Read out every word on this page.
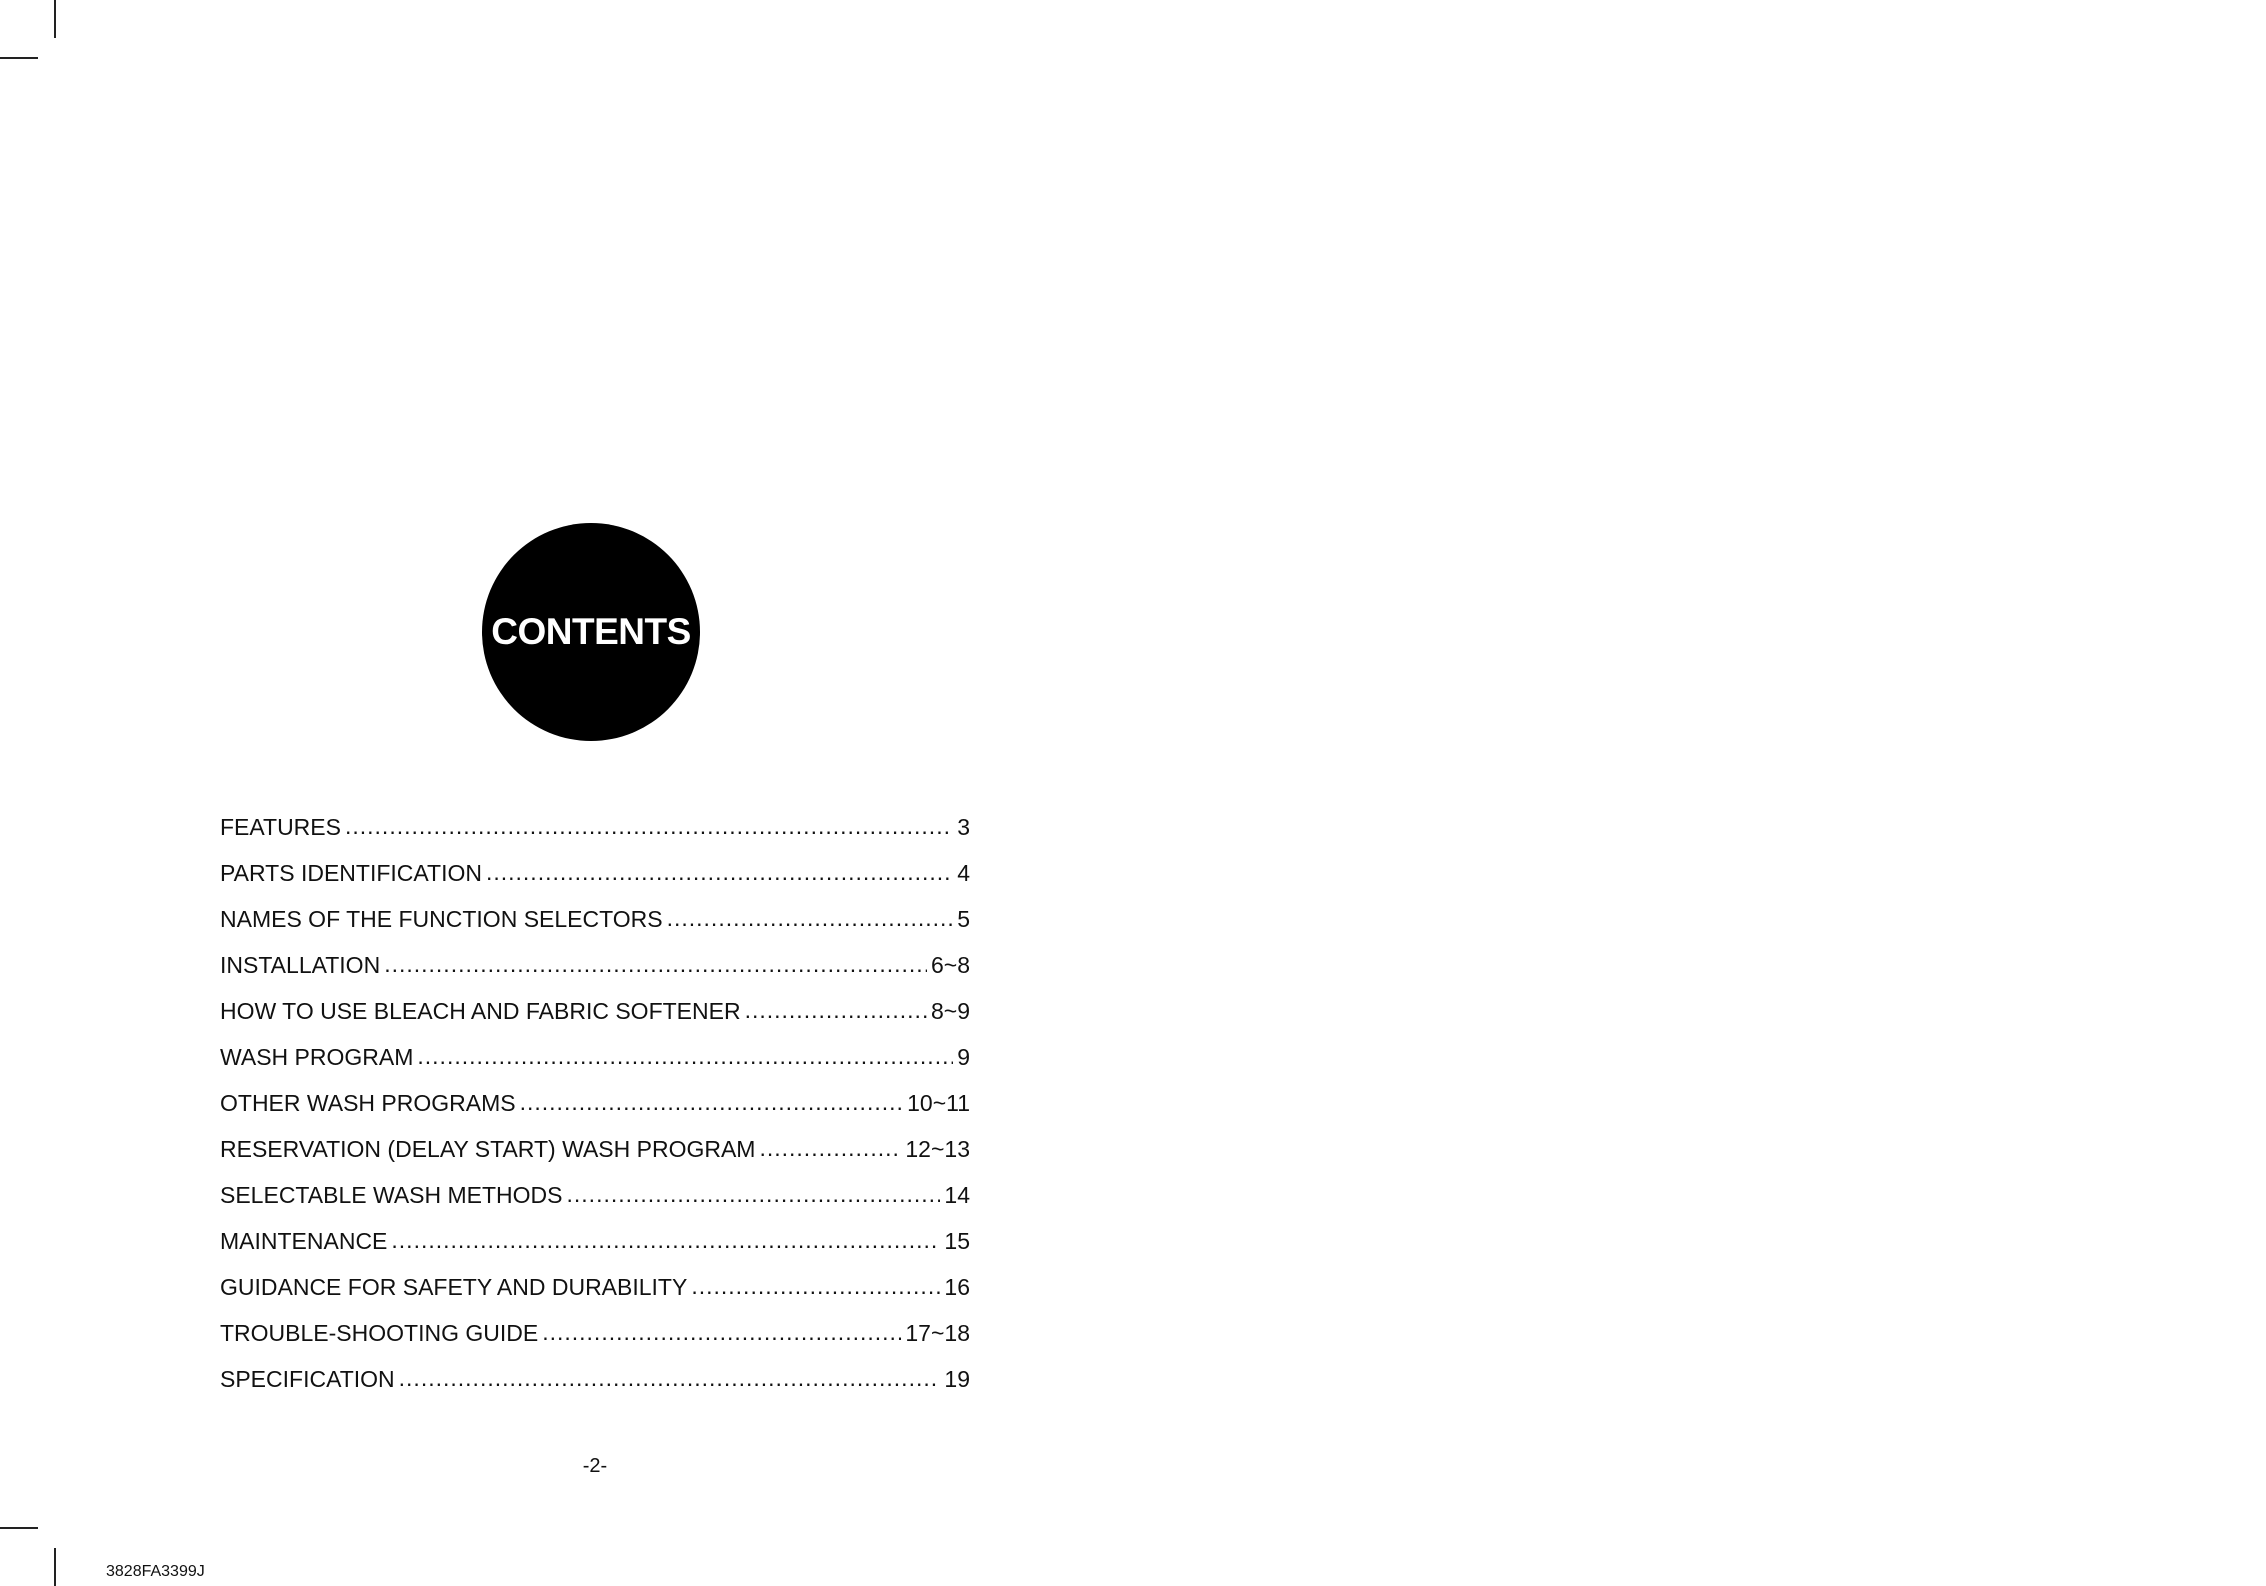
CONTENTS
FEATURES .....	3
PARTS IDENTIFICATION .....	4
NAMES OF THE FUNCTION SELECTORS .....	5
INSTALLATION .....	6~8
HOW TO USE BLEACH AND FABRIC SOFTENER .....	8~9
WASH PROGRAM .....	9
OTHER WASH PROGRAMS .....	10~11
RESERVATION (DELAY START) WASH PROGRAM .....	12~13
SELECTABLE WASH METHODS .....	14
MAINTENANCE .....	15
GUIDANCE FOR SAFETY AND DURABILITY .....	16
TROUBLE-SHOOTING GUIDE .....	17~18
SPECIFICATION .....	19
-2-
3828FA3399J
